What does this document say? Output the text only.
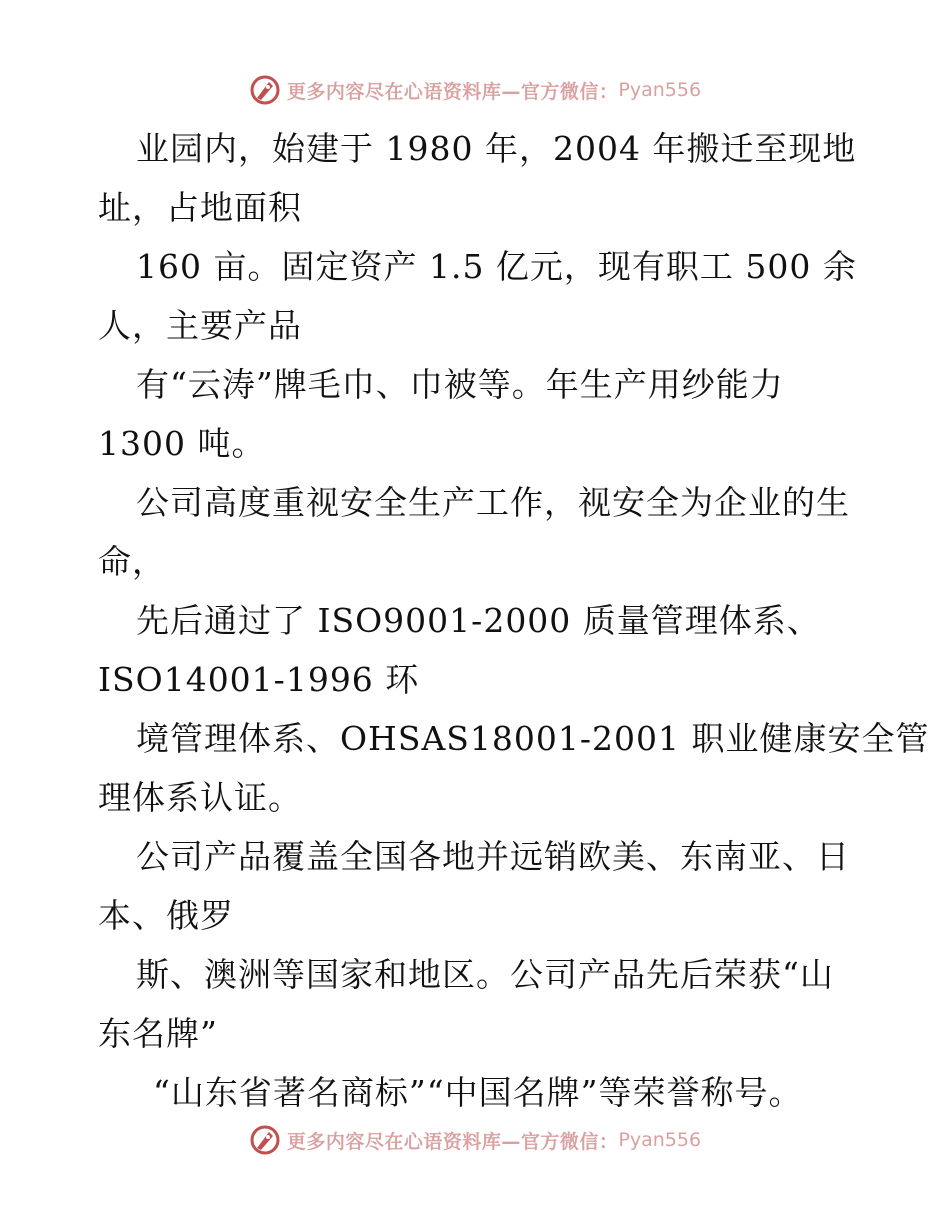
更多内容尽在心语资料库—官方微信： Pyan556
业园内，始建于 1980 年，2004 年搬迁至现地
址，占地面积
160 亩。固定资产 1.5 亿元，现有职工 500 余
人，主要产品
有“云涛”牌毛巾、巾被等。年生产用纱能力
1300 吨。
公司高度重视安全生产工作，视安全为企业的生
命，
先后通过了 ISO9001-2000 质量管理体系、
ISO14001-1996 环
境管理体系、OHSAS18001-2001 职业健康安全管
理体系认证。
公司产品覆盖全国各地并远销欧美、东南亚、日
本、俄罗
斯、澳洲等国家和地区。公司产品先后荣获“山
东名牌”
“山东省著名商标”“中国名牌”等荣誉称号。
更多内容尽在心语资料库—官方微信： Pyan556
